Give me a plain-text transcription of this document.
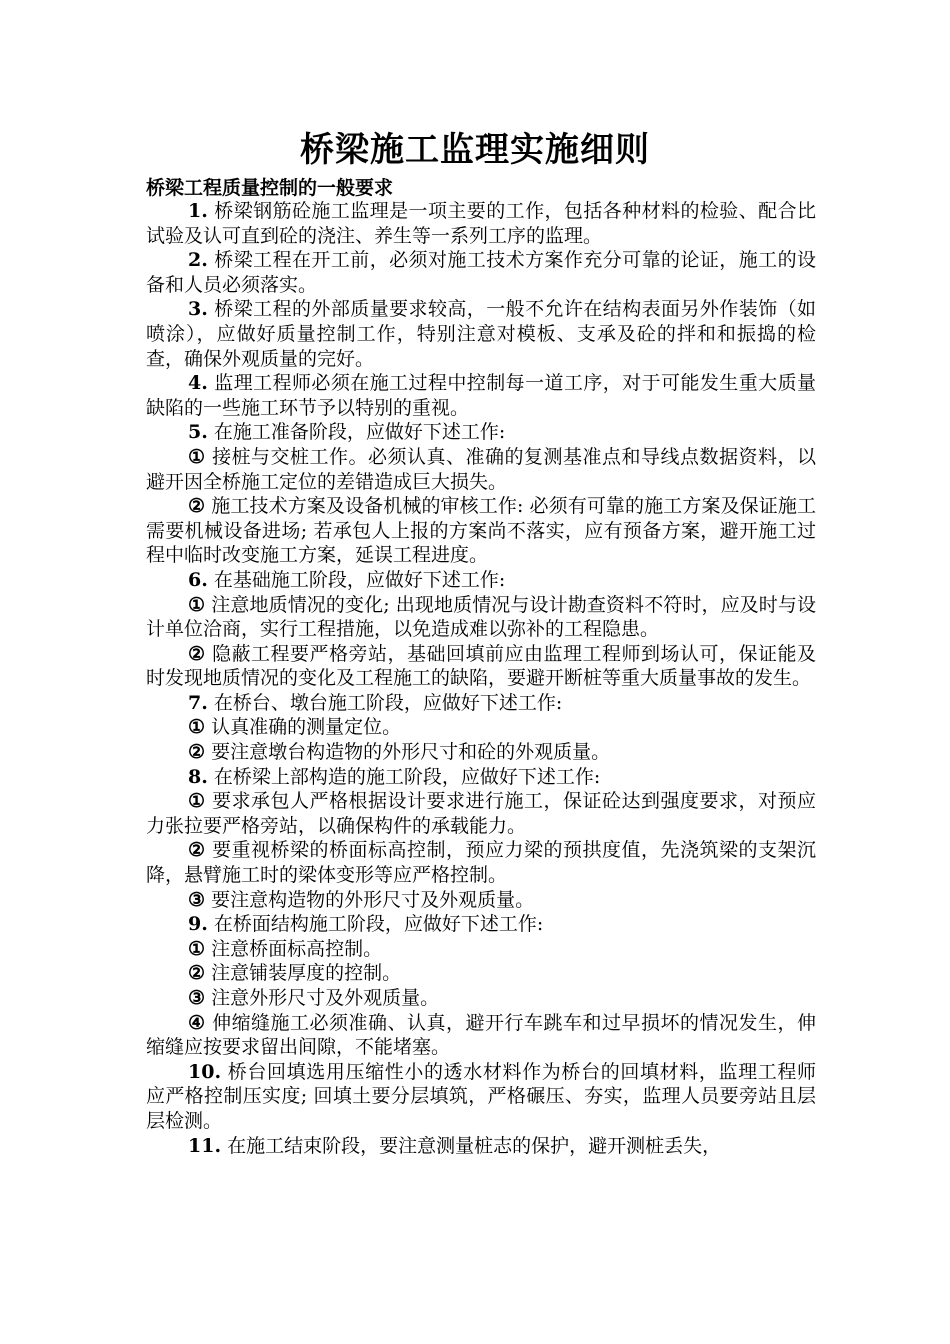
桥梁施工监理实施细则
桥梁工程质量控制的一般要求

1. 桥梁钢筋砼施工监理是一项主要的工作，包括各种材料的检验、配合比试验及认可直到砼的浇注、养生等一系列工序的监理。

2. 桥梁工程在开工前，必须对施工技术方案作充分可靠的论证，施工的设备和人员必须落实。

3. 桥梁工程的外部质量要求较高，一般不允许在结构表面另外作装饰（如喷涂），应做好质量控制工作，特别注意对模板、支承及砼的拌和和振捣的检查，确保外观质量的完好。

4. 监理工程师必须在施工过程中控制每一道工序，对于可能发生重大质量缺陷的一些施工环节予以特别的重视。

5. 在施工准备阶段，应做好下述工作:

① 接桩与交桩工作。必须认真、准确的复测基准点和导线点数据资料，以避开因全桥施工定位的差错造成巨大损失。

② 施工技术方案及设备机械的审核工作: 必须有可靠的施工方案及保证施工需要机械设备进场; 若承包人上报的方案尚不落实，应有预备方案，避开施工过程中临时改变施工方案，延误工程进度。

6. 在基础施工阶段，应做好下述工作:

① 注意地质情况的变化; 出现地质情况与设计勘查资料不符时，应及时与设计单位洽商，实行工程措施，以免造成难以弥补的工程隐患。

② 隐蔽工程要严格旁站，基础回填前应由监理工程师到场认可，保证能及时发现地质情况的变化及工程施工的缺陷，要避开断桩等重大质量事故的发生。

7. 在桥台、墩台施工阶段，应做好下述工作:

① 认真准确的测量定位。

② 要注意墩台构造物的外形尺寸和砼的外观质量。

8. 在桥梁上部构造的施工阶段，应做好下述工作:

① 要求承包人严格根据设计要求进行施工，保证砼达到强度要求，对预应力张拉要严格旁站，以确保构件的承载能力。

② 要重视桥梁的桥面标高控制，预应力梁的预拱度值，先浇筑梁的支架沉降，悬臂施工时的梁体变形等应严格控制。

③ 要注意构造物的外形尺寸及外观质量。

9. 在桥面结构施工阶段，应做好下述工作:

① 注意桥面标高控制。

② 注意铺装厚度的控制。

③ 注意外形尺寸及外观质量。

④ 伸缩缝施工必须准确、认真，避开行车跳车和过早损坏的情况发生，伸缩缝应按要求留出间隙，不能堵塞。

10. 桥台回填选用压缩性小的透水材料作为桥台的回填材料，监理工程师应严格控制压实度; 回填土要分层填筑，严格碾压、夯实，监理人员要旁站且层层检测。

11. 在施工结束阶段，要注意测量桩志的保护，避开测桩丢失，
